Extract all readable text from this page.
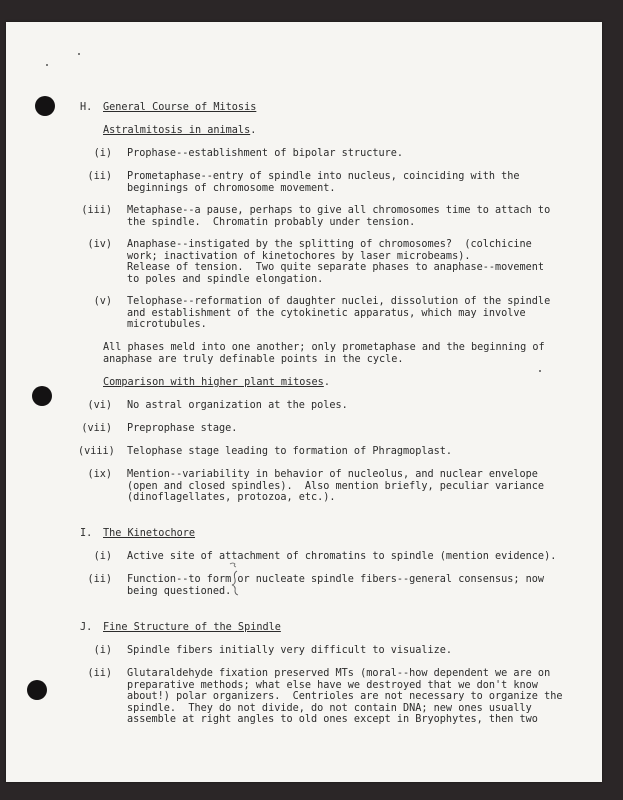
H. General Course of Mitosis
Astralmitosis in animals.
(i) Prophase--establishment of bipolar structure.
(ii) Prometaphase--entry of spindle into nucleus, coinciding with the
beginnings of chromosome movement.
(iii) Metaphase--a pause, perhaps to give all chromosomes time to attach to
the spindle.  Chromatin probably under tension.
(iv) Anaphase--instigated by the splitting of chromosomes?  (colchicine
work; inactivation of kinetochores by laser microbeams).
Release of tension.  Two quite separate phases to anaphase--movement
to poles and spindle elongation.
(v) Telophase--reformation of daughter nuclei, dissolution of the spindle
and establishment of the cytokinetic apparatus, which may involve
microtubules.
All phases meld into one another; only prometaphase and the beginning of
anaphase are truly definable points in the cycle.
Comparison with higher plant mitoses.
(vi) No astral organization at the poles.
(vii) Preprophase stage.
(viii) Telophase stage leading to formation of Phragmoplast.
(ix) Mention--variability in behavior of nucleolus, and nuclear envelope
(open and closed spindles).  Also mention briefly, peculiar variance
(dinoflagellates, protozoa, etc.).
I. The Kinetochore
(i) Active site of attachment of chromatins to spindle (mention evidence).
(ii) Function--to form or nucleate spindle fibers--general consensus; now
being questioned.
J. Fine Structure of the Spindle
(i) Spindle fibers initially very difficult to visualize.
(ii) Glutaraldehyde fixation preserved MTs (moral--how dependent we are on
preparative methods; what else have we destroyed that we don't know
about!) polar organizers.  Centrioles are not necessary to organize the
spindle.  They do not divide, do not contain DNA; new ones usually
assemble at right angles to old ones except in Bryophytes, then two
